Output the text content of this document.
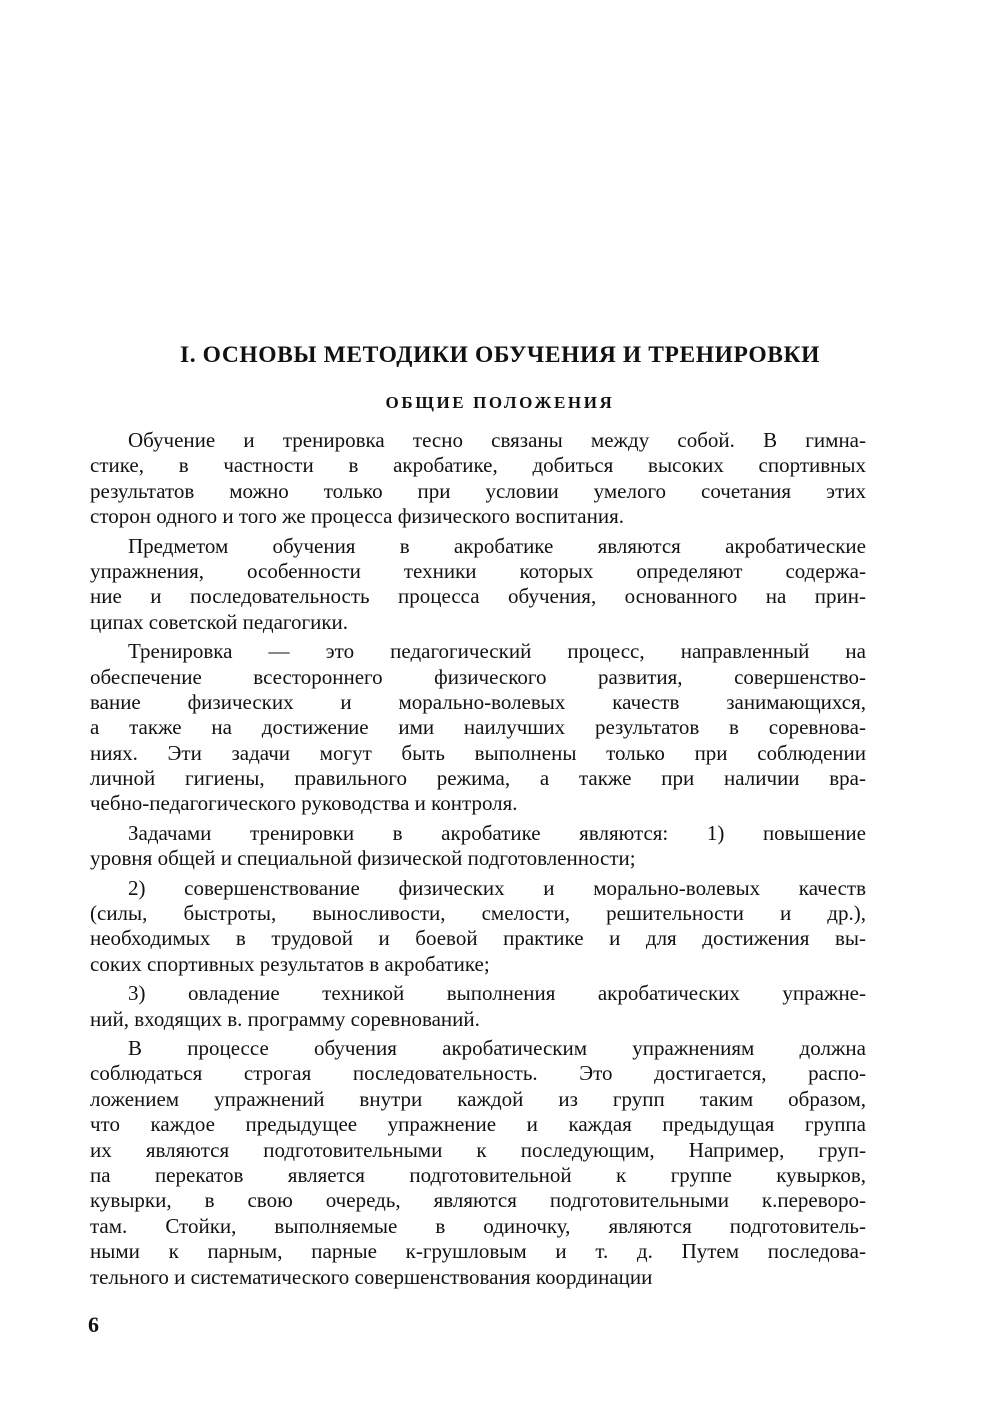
I. ОСНОВЫ МЕТОДИКИ ОБУЧЕНИЯ И ТРЕНИРОВКИ
ОБЩИЕ ПОЛОЖЕНИЯ
Обучение и тренировка тесно связаны между собой. В гимна-
стике, в частности в акробатике, добиться высоких спортивных
результатов можно только при условии умелого сочетания этих
сторон одного и того же процесса физического воспитания.
Предметом обучения в акробатике являются акробатические
упражнения, особенности техники которых определяют содержа-
ние и последовательность процесса обучения, основанного на прин-
ципах советской педагогики.
Тренировка — это педагогический процесс, направленный на
обеспечение всестороннего физического развития, совершенство-
вание физических и морально-волевых качеств занимающихся,
а также на достижение ими наилучших результатов в соревнова-
ниях. Эти задачи могут быть выполнены только при соблюдении
личной гигиены, правильного режима, а также при наличии вра-
чебно-педагогического руководства и контроля.
Задачами тренировки в акробатике являются: 1) повышение
уровня общей и специальной физической подготовленности;
2) совершенствование физических и морально-волевых качеств
(силы, быстроты, выносливости, смелости, решительности и др.),
необходимых в трудовой и боевой практике и для достижения вы-
соких спортивных результатов в акробатике;
3) овладение техникой выполнения акробатических упражне-
ний, входящих в. программу соревнований.
В процессе обучения акробатическим упражнениям должна
соблюдаться строгая последовательность. Это достигается, распо-
ложением упражнений внутри каждой из групп таким образом,
что каждое предыдущее упражнение и каждая предыдущая группа
их являются подготовительными к последующим, Например, груп-
па перекатов является подготовительной к группе кувырков,
кувырки, в свою очередь, являются подготовительными к.переворо-
там. Стойки, выполняемые в одиночку, являются подготовитель-
ными к парным, парные к-грушловым и т. д. Путем последова-
тельного и систематического совершенствования координации
6
